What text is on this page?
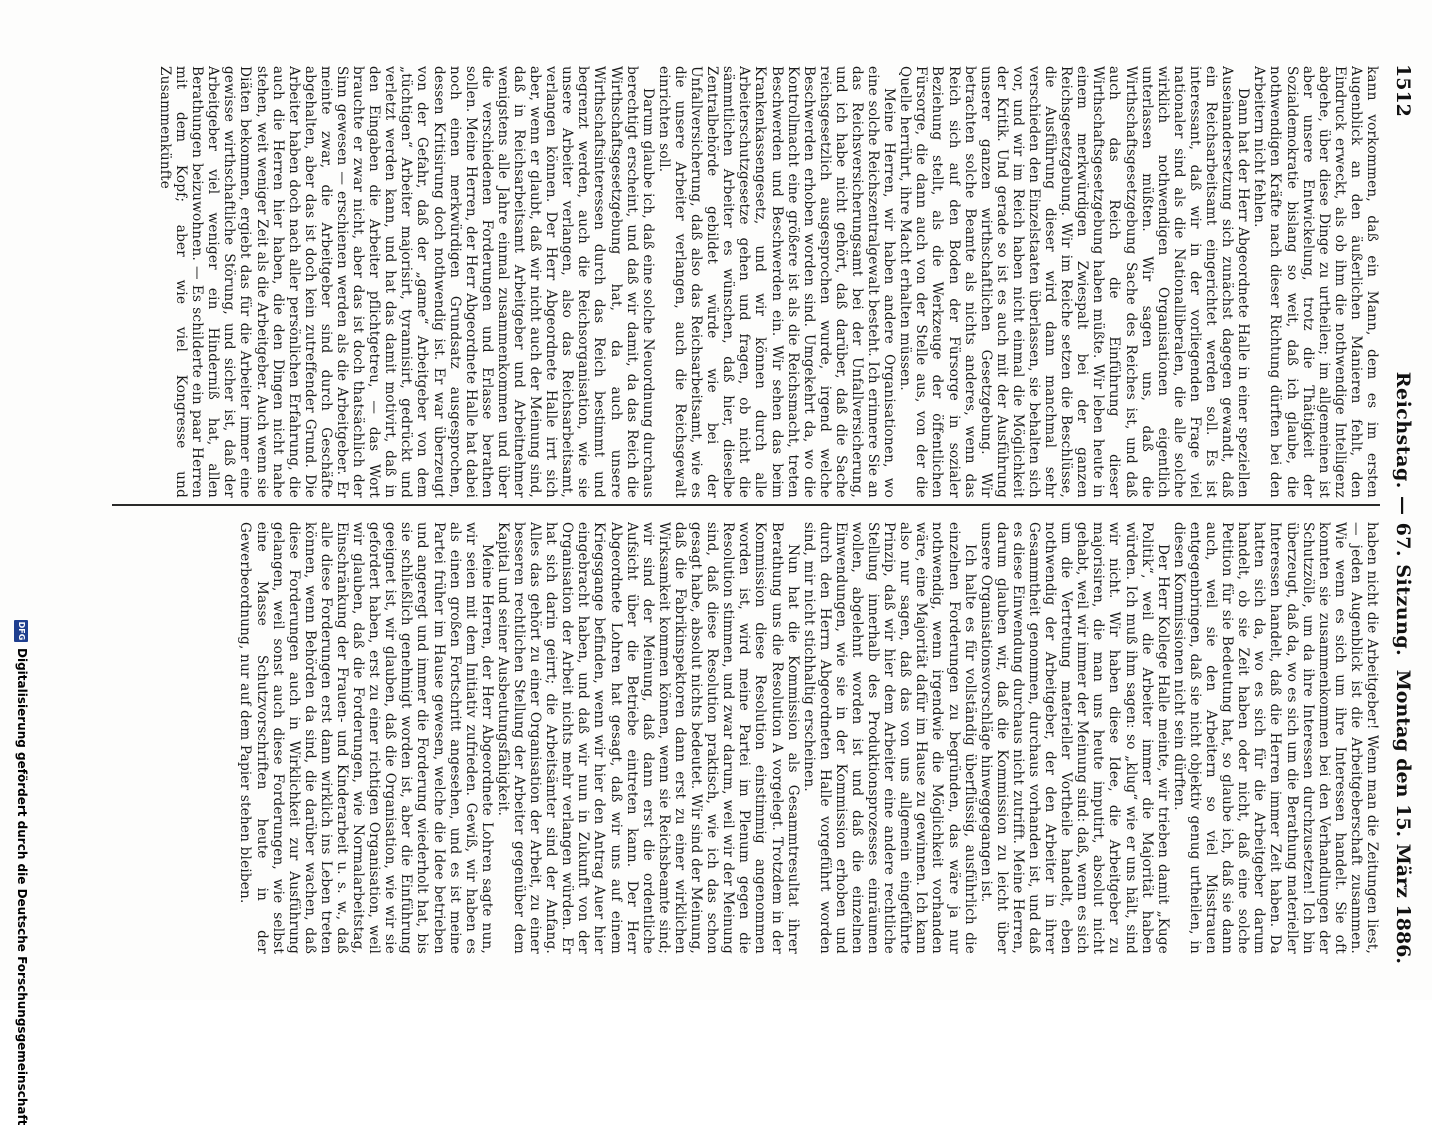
1512
Reichstag. — 67. Sitzung.
Montag den 15. März 1886.

kann vorkommen, daß ein Mann, dem es im ersten Augenblick an den äußerlichen Manieren fehlt, den Eindruck erweckt, als ob ihm die nothwendige Intelligenz abgehe, über diese Dinge zu urtheilen; im allgemeinen ist aber unsere Entwickelung, trotz die Thätigkeit der Sozialdemokratie bislang so weit, daß ich glaube, die nothwendigen Kräfte nach dieser Richtung dürften bei den Arbeitern nicht fehlen.

Dann hat der Herr Abgeordnete Halle in einer speziellen Auseinandersetzung sich zunächst dagegen gewandt, daß ein Reichsarbeitsamt eingerichtet werden soll. Es ist interessant, daß wir in der vorliegenden Frage viel nationaler sind als die Nationalliberalen, die alle solche wirklich nothwendigen Organisationen eigentlich unterlassen müßten. Wir sagen uns, daß die Wirthschaftsgesetzgebung Sache des Reiches ist, und daß auch das Reich die Einführung dieser Wirthschaftsgesetzgebung haben müßte. Wir leben heute in einem merkwürdigen Zwiespalt bei der ganzen Reichsgesetzgebung. Wir im Reiche setzen die Beschlüsse, die Ausführung dieser wird dann manchmal sehr verschieden den Einzelstaaten überlassen, sie behalten sich vor, und wir im Reich haben nicht einmal die Möglichkeit der Kritik. Und gerade so ist es auch mit der Ausführung unserer ganzen wirthschaftlichen Gesetzgebung. Wir betrachten solche Beamte als nichts anderes, wenn das Reich sich auf den Boden der Fürsorge in sozialer Beziehung stellt, als die Werkzeuge der öffentlichen Fürsorge, die dann auch von der Stelle aus, von der die Quelle herrührt, ihre Macht erhalten müssen.

Meine Herren, wir haben andere Organisationen, wo eine solche Reichszentralgewalt besteht. Ich erinnere Sie an das Reichsversicherungsamt bei der Unfallversicherung, und ich habe nicht gehört, daß darüber, daß die Sache reichsgesetzlich ausgesprochen wurde, irgend welche Beschwerden erhoben worden sind. Umgekehrt da, wo die Kontrollmacht eine größere ist als die Reichsmacht, treten Beschwerden und Beschwerden ein. Wir sehen das beim Krankenkassengesetz, und wir können durch alle Arbeiterschutzgesetze gehen und fragen, ob nicht die sämmtlichen Arbeiter es wünschen, daß hier, dieselbe Zentralbehörde gebildet würde wie bei der Unfallversicherung, daß also das Reichsarbeitsamt, wie es die unsere Arbeiter verlangen, auch die Reichsgewalt einrichten soll.

Darum glaube ich, daß eine solche Neuordnung durchaus berechtigt erscheint, und daß wir damit, da das Reich die Wirthschaftsgesetzgebung hat, da auch unsere Wirthschaftsinteressen durch das Reich bestimmt und begrenzt werden, auch die Reichsorganisation, wie sie unsere Arbeiter verlangen, also das Reichsarbeitsamt, verlangen können. Der Herr Abgeordnete Halle irrt sich aber, wenn er glaubt, daß wir nicht auch der Meinung sind, daß in Reichsarbeitsamt Arbeitgeber und Arbeitnehmer wenigstens alle Jahre einmal zusammenkommen und über die verschiedenen Forderungen und Erlasse berathen sollen. Meine Herren, der Herr Abgeordnete Halle hat dabei noch einen merkwürdigen Grundsatz ausgesprochen, dessen Kritisirung doch nothwendig ist. Er war überzeugt von der Gefahr, daß der „game“ Arbeitgeber von dem „tüchtigen“ Arbeiter majorisirt, tyrannisirt, gedrückt und verletzt werden kann, und hat das damit motivirt, daß in den Eingaben die Arbeiter pflichtgetreu, — das Wort brauchte er zwar nicht, aber das ist doch thatsächlich der Sinn gewesen — erschienen werden als die Arbeitgeber. Er meinte zwar, die Arbeitgeber sind durch Geschäfte abgehalten, aber das ist doch kein zutreffender Grund. Die Arbeiter haben doch nach aller persönlichen Erfahrung, die auch die Herren hier haben, die den Dingen nicht nahe stehen, weit weniger Zeit als die Arbeitgeber. Auch wenn sie Diäten bekommen, ergiebt das für die Arbeiter immer eine gewisse wirthschaftliche Störung, und sicher ist, daß der Arbeitgeber viel weniger ein Hinderniß hat, allen Berathungen beizuwohnen. — Es schilderte ein paar Herren mit dem Kopf; aber wie viel Kongresse und Zusammenkünfte

haben nicht die Arbeitgeber! Wenn man die Zeitungen liest, — jeden Augenblick ist die Arbeitgeberschaft zusammen. Wie wenn es sich um ihre Interessen handelt. Sie oft konnten sie zusammenkommen bei den Verhandlungen der Schutzzölle, um da ihre Interessen durchzusetzen! Ich bin überzeugt, daß da, wo es sich um die Berathung materieller Interessen handelt, daß die Herren immer Zeit haben. Da hatten sich da, wo es sich für die Arbeitgeber darum handelt, ob sie Zeit haben oder nicht, daß eine solche Petition für sie Bedeutung hat, so glaube ich, daß sie dann auch, weil sie den Arbeitern so viel Misstrauen entgegenbringen, daß sie nicht objektiv genug urtheilen, in diesen Kommissionen nicht sein dürften.

Der Herr Kollege Halle meinte, wir trieben damit „Kuge Politik“, weil die Arbeiter immer die Majorität haben würden. Ich muß ihm sagen: so „klug“ wie er uns hält, sind wir nicht. Wir haben diese Idee, die Arbeitgeber zu majorisiren, die man uns heute imputirt, absolut nicht gehabt, weil wir immer der Meinung sind: daß, wenn es sich um die Vertretung materieller Vortheile handelt, eben nothwendig der Arbeitgeber, der den Arbeiter in ihrer Gesammtheit genommen, durchaus vorhanden ist, und daß es diese Einwendung durchaus nicht zutrifft. Meine Herren, darum glauben wir, daß die Kommission zu leicht über unsere Organisationsvorschläge hinweggegangen ist.

Ich halte es für vollständig überflüssig, ausführlich die einzelnen Forderungen zu begründen, das wäre ja nur nothwendig, wenn irgendwie die Möglichkeit vorhanden wäre, eine Majorität dafür im Hause zu gewinnen. Ich kann also nur sagen, daß das von uns allgemein eingeführte Prinzip, daß wir hier dem Arbeiter eine andere rechtliche Stellung innerhalb des Produktionsprozesses einräumen wollen, abgelehnt worden ist und daß die einzelnen Einwendungen, wie sie in der Kommission erhoben und durch den Herrn Abgeordneten Halle vorgeführt worden sind, mir nicht stichhaltig erscheinen.

Nun hat die Kommission als Gesammtresultat ihrer Berathung uns die Resolution A vorgelegt. Trotzdem in der Kommission diese Resolution einstimmig angenommen worden ist, wird meine Partei im Plenum gegen die Resolution stimmen, und zwar darum, weil wir der Meinung sind, daß diese Resolution praktisch, wie ich das schon gesagt habe, absolut nichts bedeutet. Wir sind der Meinung, daß die Fabrikinspektoren dann erst zu einer wirklichen Wirksamkeit kommen können, wenn sie Reichsbeamte sind; wir sind der Meinung, daß dann erst die ordentliche Aufsicht über die Betriebe eintreten kann. Der Herr Abgeordnete Lohren hat gesagt, daß wir uns auf einem Kriegsgange befinden, wenn wir hier den Antrag Auer hier eingebracht haben, und daß wir nun in Zukunft von der Organisation der Arbeit nichts mehr verlangen würden. Er hat sich darin geirrt; die Arbeitsämter sind der Anfang. Alles das gehört zu einer Organisation der Arbeit, zu einer besseren rechtlichen Stellung der Arbeiter gegenüber dem Kapital und seiner Ausbeutungsfähigkeit.

Meine Herren, der Herr Abgeordnete Lohren sagte nun, wir seien mit dem Initiativ zufrieden. Gewiß, wir haben es als einen großen Fortschritt angesehen, und es ist meine Partei früher im Hause gewesen, welche die Idee betrieben und angeregt und immer die Forderung wiederholt hat, bis sie schließlich genehmigt worden ist, aber die Einführung geeignet ist, wir glauben, daß die Organisation, wie wir sie gefordert haben, erst zu einer richtigen Organisation, weil wir glauben, daß die Forderungen, wie Normalarbeitstag, Einschränkung der Frauen- und Kinderarbeit u. s. w., daß alle diese Forderungen erst dann wirklich ins Leben treten können, wenn Behörden da sind, die darüber wachen, daß diese Forderungen auch in Wirklichkeit zur Ausführung gelangen, weil sonst auch diese Forderungen, wie selbst eine Masse Schutzvorschriften heute in der Gewerbeordnung, nur auf dem Papier stehen bleiben.

DFGDigitalisierung gefördert durch die Deutsche Forschungsgemeinschaft
